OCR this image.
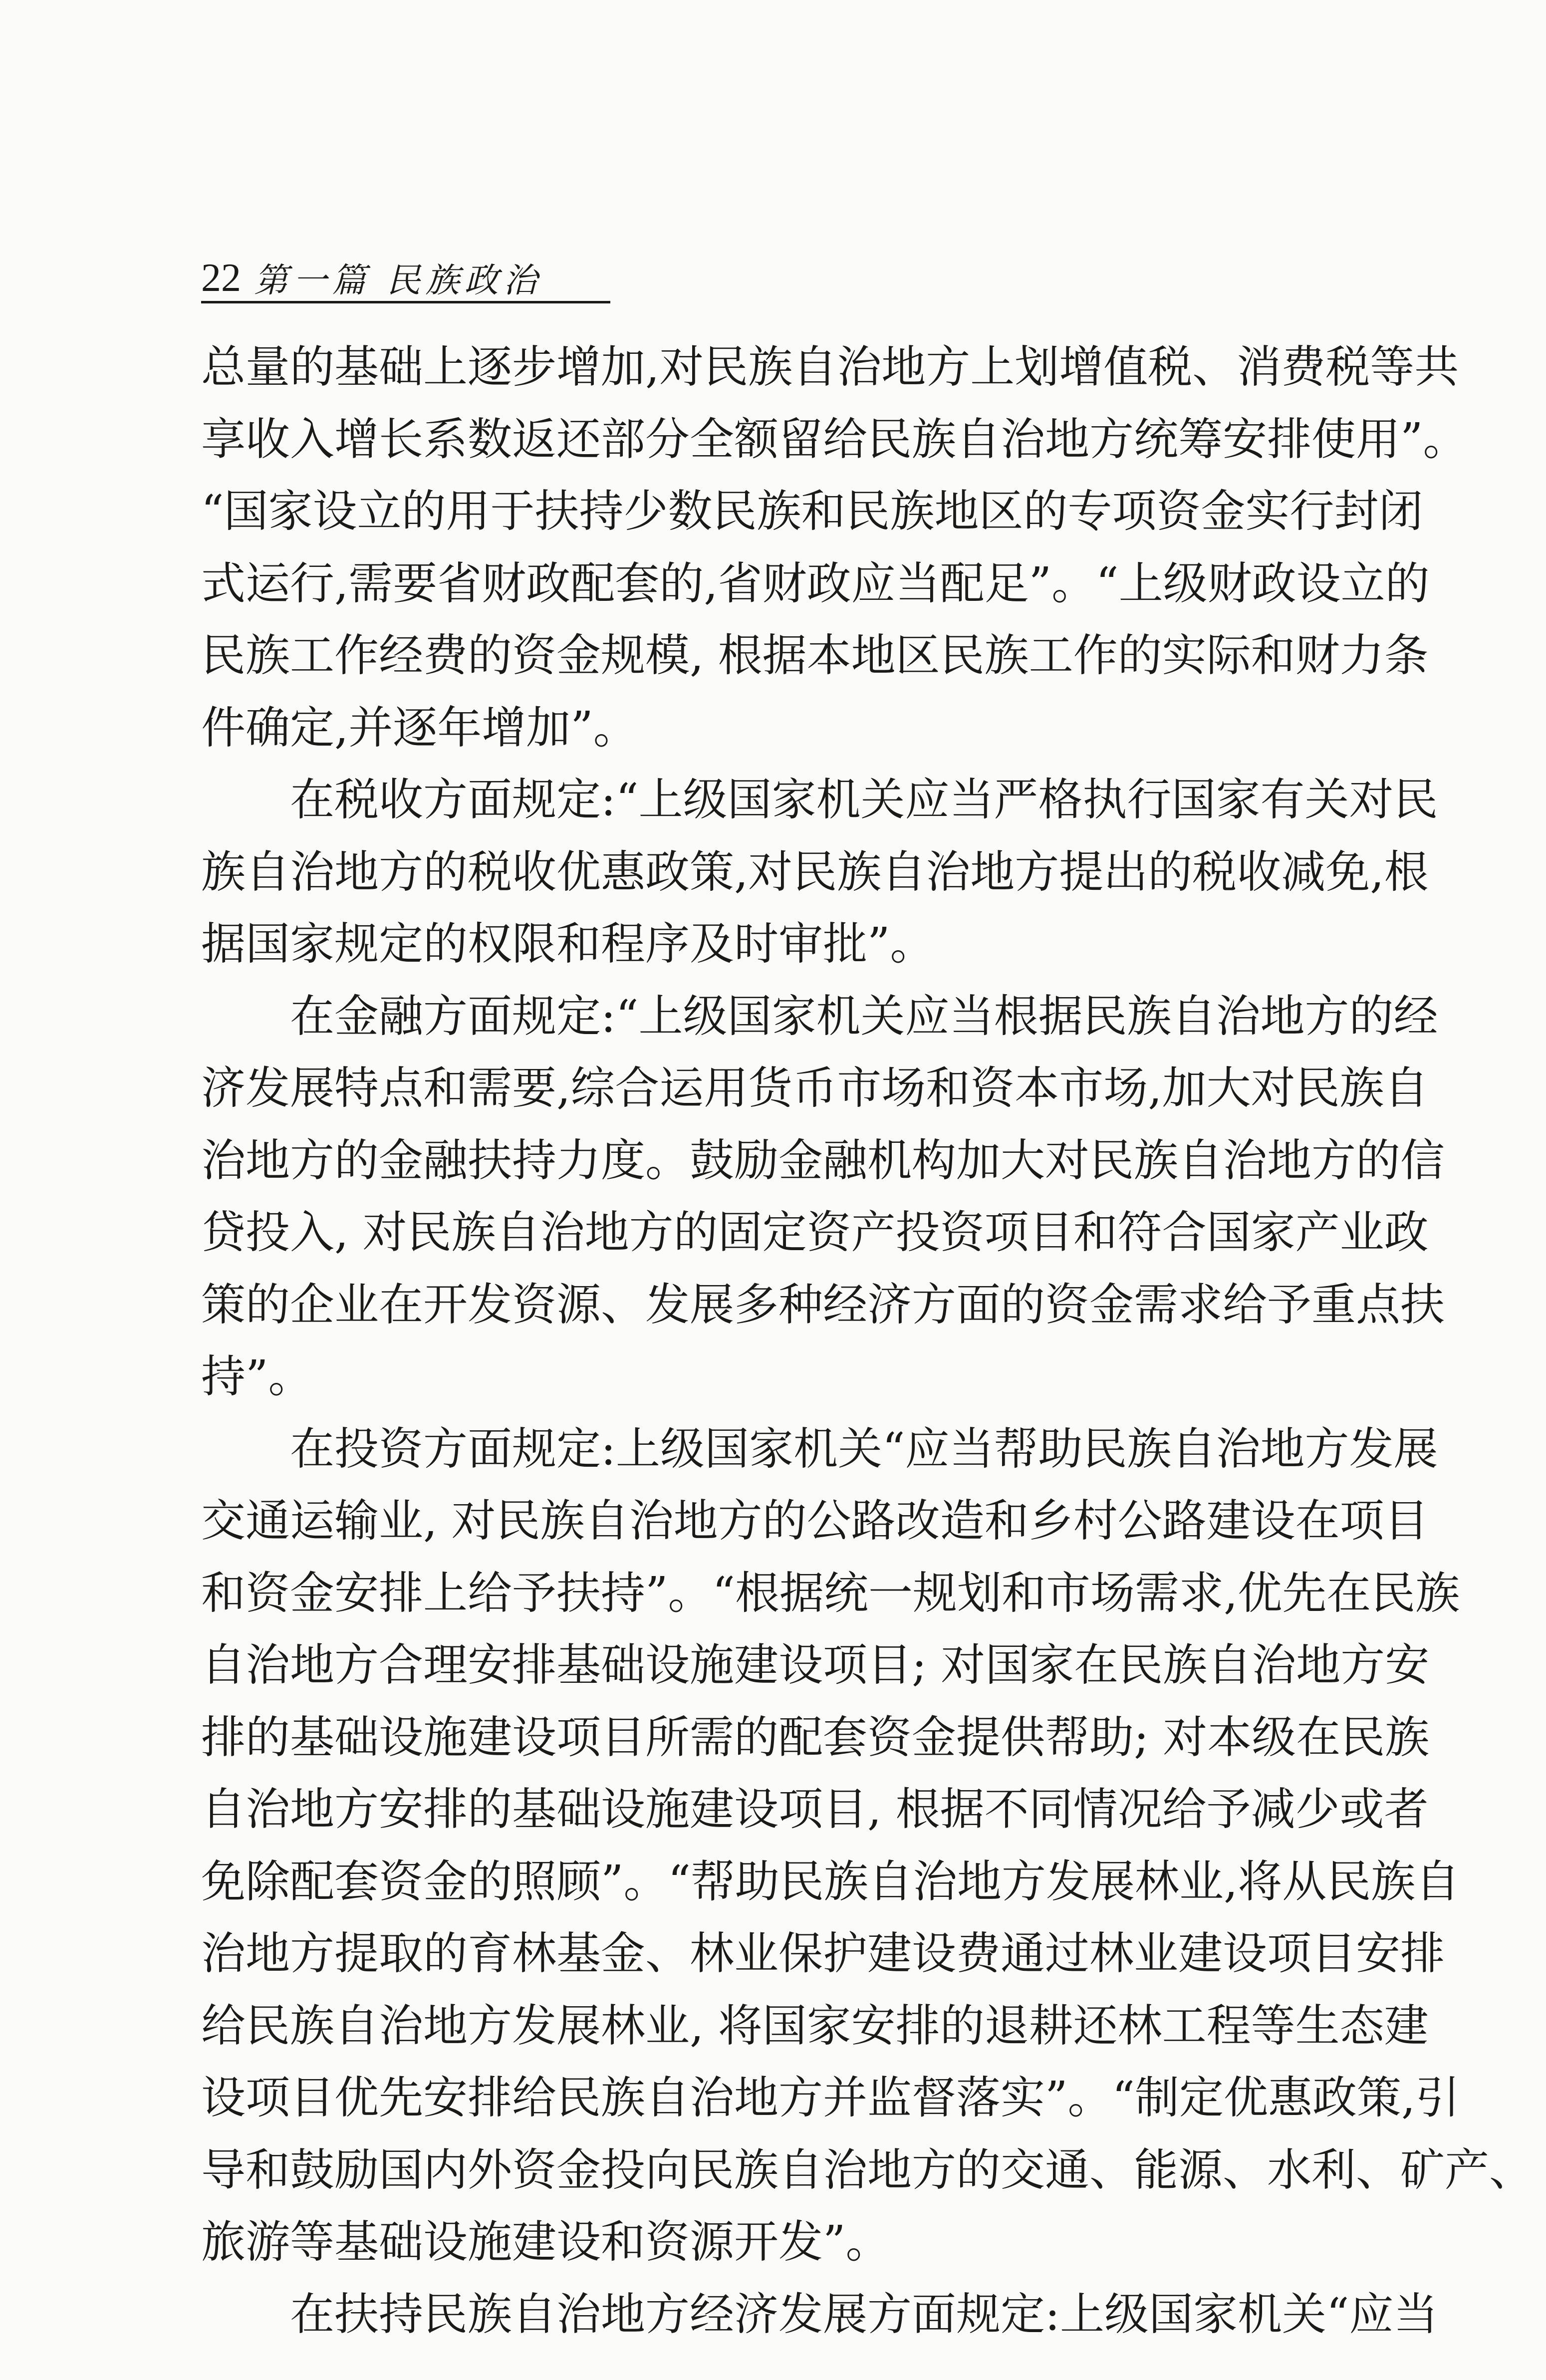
22 第一篇 民族政治
总量的基础上逐步增加,对民族自治地方上划增值税、消费税等共
享收入增长系数返还部分全额留给民族自治地方统筹安排使用”。
“国家设立的用于扶持少数民族和民族地区的专项资金实行封闭
式运行,需要省财政配套的,省财政应当配足”。“上级财政设立的
民族工作经费的资金规模, 根据本地区民族工作的实际和财力条
件确定,并逐年增加”。
在税收方面规定:“上级国家机关应当严格执行国家有关对民
族自治地方的税收优惠政策,对民族自治地方提出的税收减免,根
据国家规定的权限和程序及时审批”。
在金融方面规定:“上级国家机关应当根据民族自治地方的经
济发展特点和需要,综合运用货币市场和资本市场,加大对民族自
治地方的金融扶持力度。鼓励金融机构加大对民族自治地方的信
贷投入, 对民族自治地方的固定资产投资项目和符合国家产业政
策的企业在开发资源、发展多种经济方面的资金需求给予重点扶
持”。
在投资方面规定:上级国家机关“应当帮助民族自治地方发展
交通运输业, 对民族自治地方的公路改造和乡村公路建设在项目
和资金安排上给予扶持”。“根据统一规划和市场需求,优先在民族
自治地方合理安排基础设施建设项目; 对国家在民族自治地方安
排的基础设施建设项目所需的配套资金提供帮助; 对本级在民族
自治地方安排的基础设施建设项目, 根据不同情况给予减少或者
免除配套资金的照顾”。“帮助民族自治地方发展林业,将从民族自
治地方提取的育林基金、林业保护建设费通过林业建设项目安排
给民族自治地方发展林业, 将国家安排的退耕还林工程等生态建
设项目优先安排给民族自治地方并监督落实”。“制定优惠政策,引
导和鼓励国内外资金投向民族自治地方的交通、能源、水利、矿产、
旅游等基础设施建设和资源开发”。
在扶持民族自治地方经济发展方面规定:上级国家机关“应当
